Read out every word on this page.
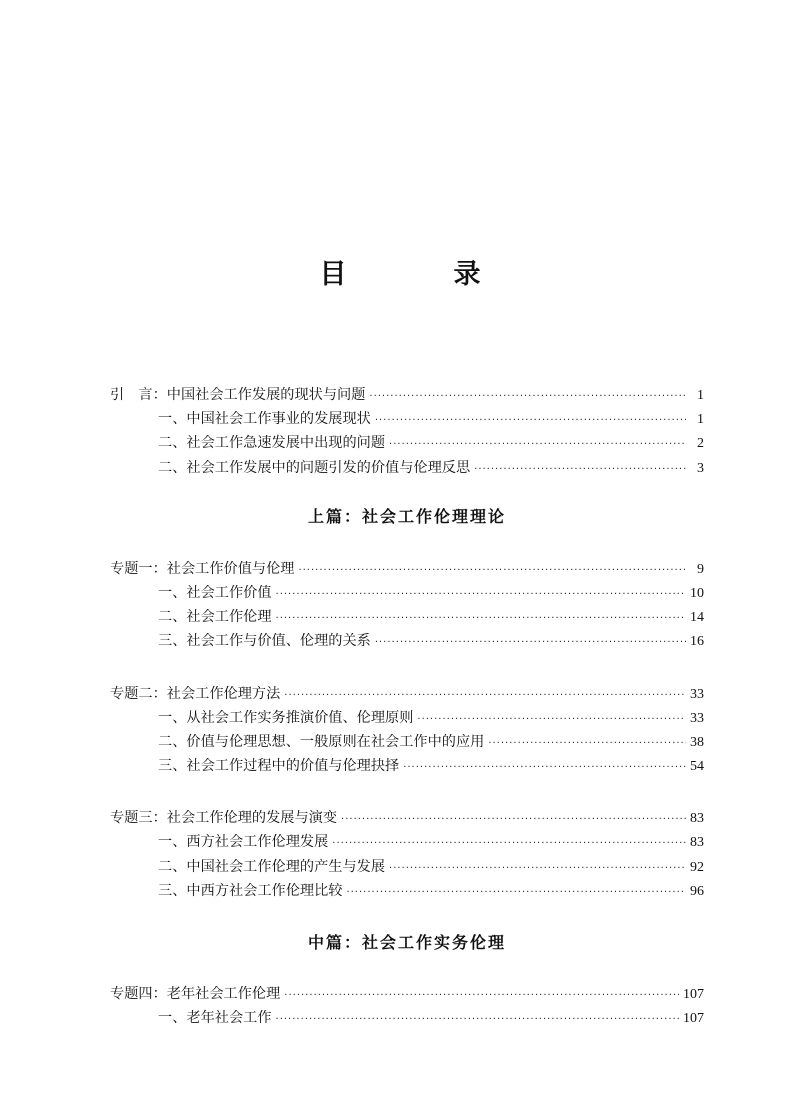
目　录
引　言：中国社会工作发展的现状与问题 ·····	1
一、中国社会工作事业的发展现状 ·····	1
二、社会工作急速发展中出现的问题 ·····	2
二、社会工作发展中的问题引发的价值与伦理反思 ·····	3
上篇：社会工作伦理理论
专题一：社会工作价值与伦理 ·····	9
一、社会工作价值 ·····	10
二、社会工作伦理 ·····	14
三、社会工作与价值、伦理的关系 ·····	16
专题二：社会工作伦理方法 ·····	33
一、从社会工作实务推演价值、伦理原则 ·····	33
二、价值与伦理思想、一般原则在社会工作中的应用 ·····	38
三、社会工作过程中的价值与伦理抉择 ·····	54
专题三：社会工作伦理的发展与演变 ·····	83
一、西方社会工作伦理发展 ·····	83
二、中国社会工作伦理的产生与发展 ·····	92
三、中西方社会工作伦理比较 ·····	96
中篇：社会工作实务伦理
专题四：老年社会工作伦理 ·····	107
一、老年社会工作 ·····	107
